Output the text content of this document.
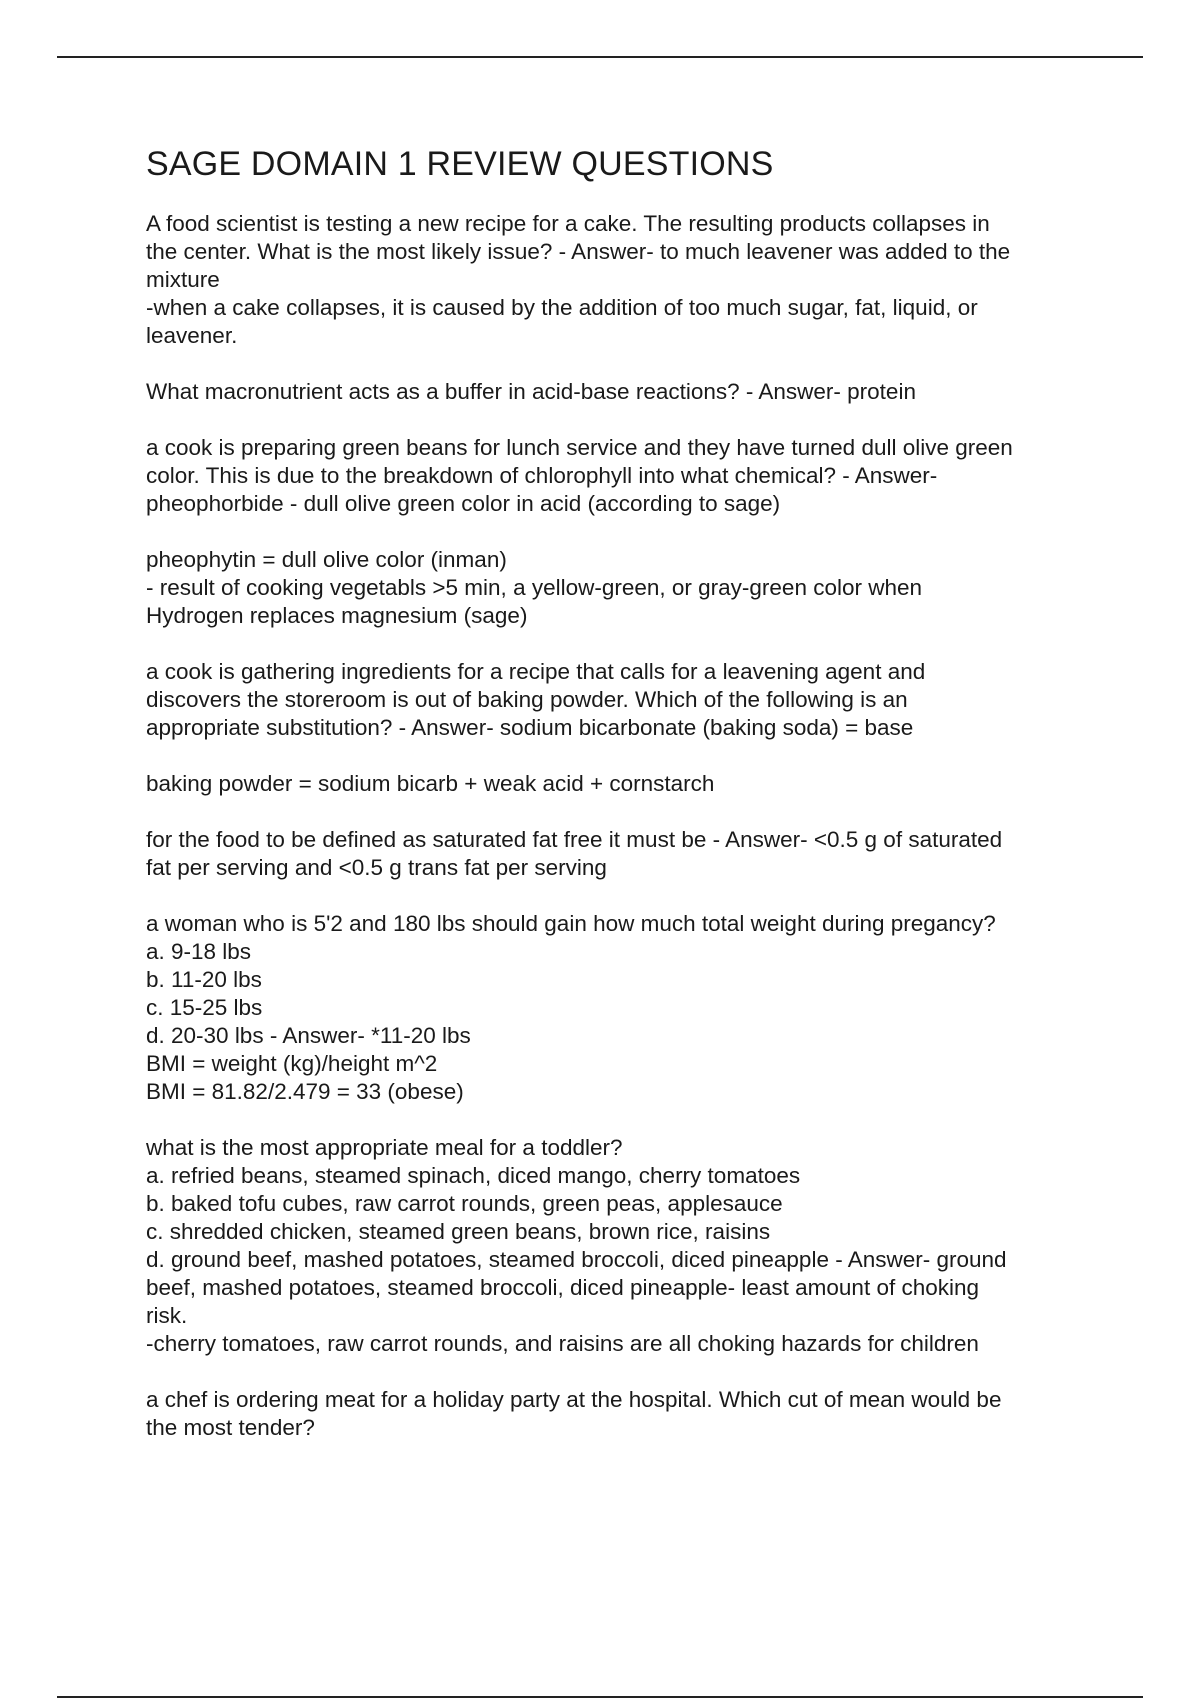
SAGE DOMAIN 1 REVIEW QUESTIONS
A food scientist is testing a new recipe for a cake. The resulting products collapses in
the center. What is the most likely issue? - Answer- to much leavener was added to the
mixture
-when a cake collapses, it is caused by the addition of too much sugar, fat, liquid, or
leavener.
What macronutrient acts as a buffer in acid-base reactions? - Answer- protein
a cook is preparing green beans for lunch service and they have turned dull olive green
color. This is due to the breakdown of chlorophyll into what chemical? - Answer-
pheophorbide - dull olive green color in acid (according to sage)
pheophytin = dull olive color (inman)
- result of cooking vegetabls >5 min, a yellow-green, or gray-green color when
Hydrogen replaces magnesium (sage)
a cook is gathering ingredients for a recipe that calls for a leavening agent and
discovers the storeroom is out of baking powder. Which of the following is an
appropriate substitution? - Answer- sodium bicarbonate (baking soda) = base
baking powder = sodium bicarb + weak acid + cornstarch
for the food to be defined as saturated fat free it must be - Answer- <0.5 g of saturated
fat per serving and <0.5 g trans fat per serving
a woman who is 5'2 and 180 lbs should gain how much total weight during pregancy?
a. 9-18 lbs
b. 11-20 lbs
c. 15-25 lbs
d. 20-30 lbs - Answer- *11-20 lbs
BMI = weight (kg)/height m^2
BMI = 81.82/2.479 = 33 (obese)
what is the most appropriate meal for a toddler?
a. refried beans, steamed spinach, diced mango, cherry tomatoes
b. baked tofu cubes, raw carrot rounds, green peas, applesauce
c. shredded chicken, steamed green beans, brown rice, raisins
d. ground beef, mashed potatoes, steamed broccoli, diced pineapple - Answer- ground
beef, mashed potatoes, steamed broccoli, diced pineapple- least amount of choking
risk.
-cherry tomatoes, raw carrot rounds, and raisins are all choking hazards for children
a chef is ordering meat for a holiday party at the hospital. Which cut of mean would be
the most tender?
